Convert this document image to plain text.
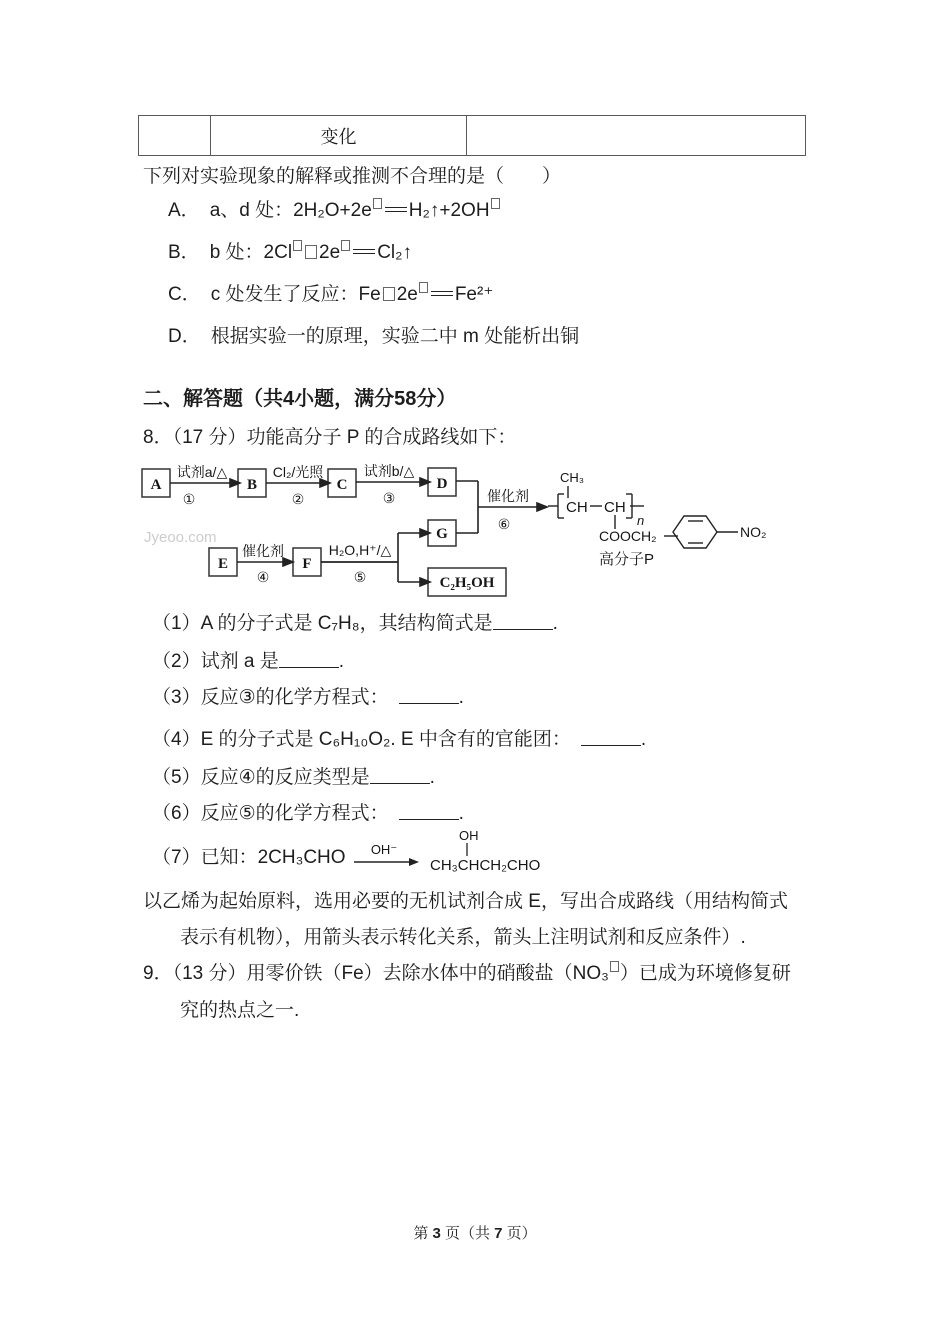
变化
下列对实验现象的解释或推测不合理的是（　　）
A． a、d 处：2H₂O+2e H₂↑+2OH
B． b 处：2Cl 2e Cl₂↑
C． c 处发生了反应：Fe 2e Fe²⁺
D． 根据实验一的原理，实验二中 m 处能析出铜
二、解答题（共4小题，满分58分）
8．（17 分）功能高分子 P 的合成路线如下：
Jyeoo.com
A	B	C	D
G
E	F
C₂H₅OH
试剂a/△
①
Cl₂/光照
②
试剂b/△
③	催化剂
⑥
催化剂
④
H₂O,H⁺/△
⑤
CH₃
CH CH
n
COOCH₂	NO₂
高分子P
（1）A 的分子式是 C₇H₈，其结构简式是	.
（2）试剂 a 是	.
（3）反应③的化学方程式：	.
（4）E 的分子式是 C₆H₁₀O₂. E 中含有的官能团：	.
（5）反应④的反应类型是	.
（6）反应⑤的化学方程式：	.
（7）已知：2CH₃CHO OH⁻
OH
CH₃CHCH₂CHO
以乙烯为起始原料，选用必要的无机试剂合成 E，写出合成路线（用结构简式
表示有机物），用箭头表示转化关系，箭头上注明试剂和反应条件）.
9．（13 分）用零价铁（Fe）去除水体中的硝酸盐（NO₃ ）已成为环境修复研
究的热点之一.
第 3 页（共 7 页）
